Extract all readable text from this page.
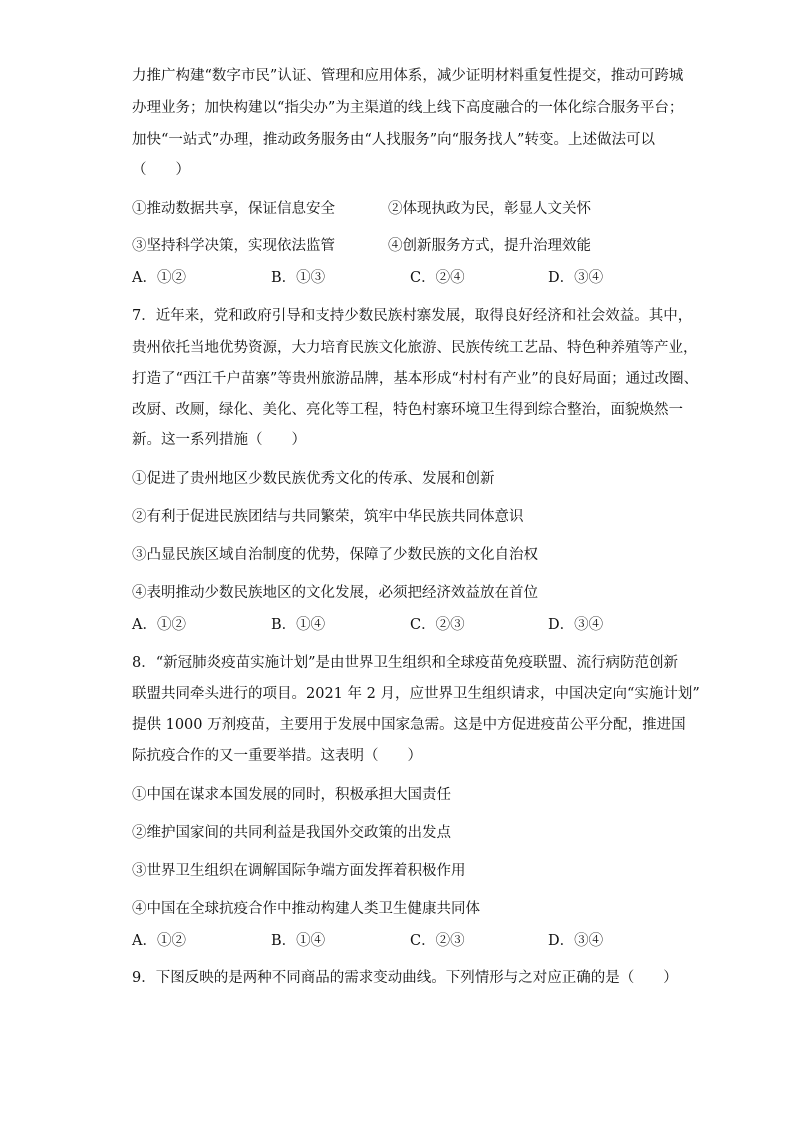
力推广构建“数字市民”认证、管理和应用体系，减少证明材料重复性提交，推动可跨城
办理业务；加快构建以“指尖办”为主渠道的线上线下高度融合的一体化综合服务平台；
加快“一站式”办理，推动政务服务由“人找服务”向“服务找人”转变。上述做法可以
（　　）
①推动数据共享，保证信息安全	②体现执政为民，彰显人文关怀
③坚持科学决策，实现依法监管	④创新服务方式，提升治理效能
A．①②	B．①③	C．②④	D．③④
7．近年来，党和政府引导和支持少数民族村寨发展，取得良好经济和社会效益。其中，
贵州依托当地优势资源，大力培育民族文化旅游、民族传统工艺品、特色种养殖等产业，
打造了“西江千户苗寨”等贵州旅游品牌，基本形成“村村有产业”的良好局面；通过改圈、
改厨、改厕，绿化、美化、亮化等工程，特色村寨环境卫生得到综合整治，面貌焕然一
新。这一系列措施（　　）
①促进了贵州地区少数民族优秀文化的传承、发展和创新
②有利于促进民族团结与共同繁荣，筑牢中华民族共同体意识
③凸显民族区域自治制度的优势，保障了少数民族的文化自治权
④表明推动少数民族地区的文化发展，必须把经济效益放在首位
A．①②	B．①④	C．②③	D．③④
8．“新冠肺炎疫苗实施计划”是由世界卫生组织和全球疫苗免疫联盟、流行病防范创新
联盟共同牵头进行的项目。2021 年 2 月，应世界卫生组织请求，中国决定向“实施计划”
提供 1000 万剂疫苗，主要用于发展中国家急需。这是中方促进疫苗公平分配，推进国
际抗疫合作的又一重要举措。这表明（　　）
①中国在谋求本国发展的同时，积极承担大国责任
②维护国家间的共同利益是我国外交政策的出发点
③世界卫生组织在调解国际争端方面发挥着积极作用
④中国在全球抗疫合作中推动构建人类卫生健康共同体
A．①②	B．①④	C．②③	D．③④
9．下图反映的是两种不同商品的需求变动曲线。下列情形与之对应正确的是（　　）
